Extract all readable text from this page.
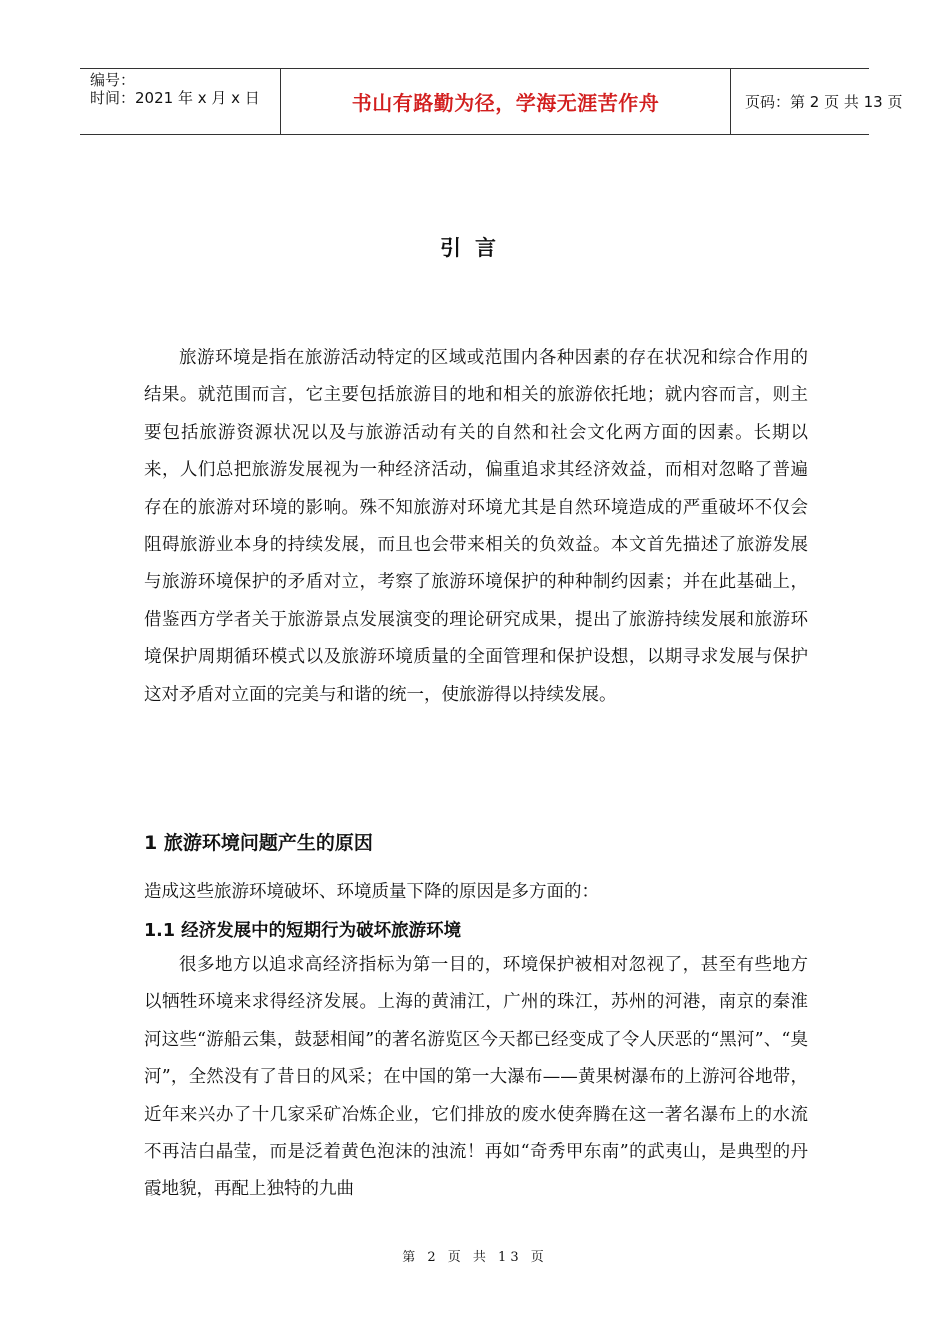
编号：
时间：2021 年 x 月 x 日	书山有路勤为径，学海无涯苦作舟	页码：第 2 页 共 13 页
引言

旅游环境是指在旅游活动特定的区域或范围内各种因素的存在状况和综合作用的结果。就范围而言，它主要包括旅游目的地和相关的旅游依托地；就内容而言，则主要包括旅游资源状况以及与旅游活动有关的自然和社会文化两方面的因素。长期以来，人们总把旅游发展视为一种经济活动，偏重追求其经济效益，而相对忽略了普遍存在的旅游对环境的影响。殊不知旅游对环境尤其是自然环境造成的严重破坏不仅会阻碍旅游业本身的持续发展，而且也会带来相关的负效益。本文首先描述了旅游发展与旅游环境保护的矛盾对立，考察了旅游环境保护的种种制约因素；并在此基础上，借鉴西方学者关于旅游景点发展演变的理论研究成果，提出了旅游持续发展和旅游环境保护周期循环模式以及旅游环境质量的全面管理和保护设想，以期寻求发展与保护这对矛盾对立面的完美与和谐的统一，使旅游得以持续发展。

1 旅游环境问题产生的原因
造成这些旅游环境破坏、环境质量下降的原因是多方面的：
1.1 经济发展中的短期行为破坏旅游环境

很多地方以追求高经济指标为第一目的，环境保护被相对忽视了，甚至有些地方以牺牲环境来求得经济发展。上海的黄浦江，广州的珠江，苏州的河港，南京的秦淮河这些“游船云集，鼓瑟相闻”的著名游览区今天都已经变成了令人厌恶的“黑河”、“臭河”，全然没有了昔日的风采；在中国的第一大瀑布——黄果树瀑布的上游河谷地带，近年来兴办了十几家采矿冶炼企业，它们排放的废水使奔腾在这一著名瀑布上的水流不再洁白晶莹，而是泛着黄色泡沫的浊流！再如“奇秀甲东南”的武夷山，是典型的丹霞地貌，再配上独特的九曲

第 2 页 共 13 页
